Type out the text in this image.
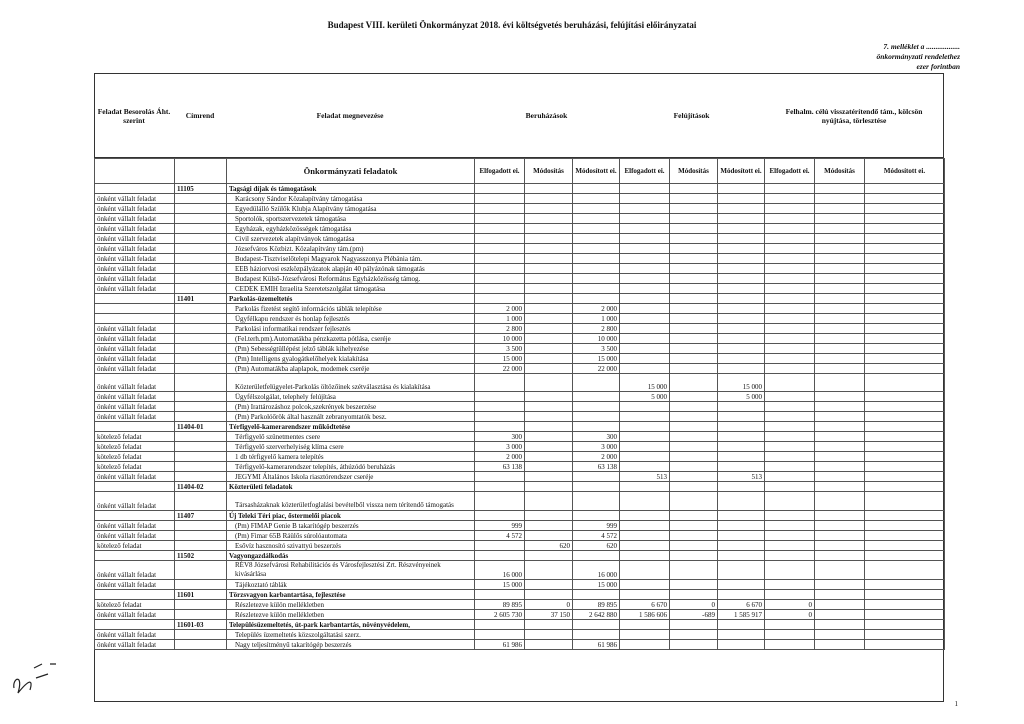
Budapest VIII. kerületi Önkormányzat 2018. évi költségvetés beruházási, felújítási előirányzatai
7. melléklet a ..................
önkormányzati rendelethez
ezer forintban
Feladat Besorolás Áht. szerint	Címrend	Feladat megnevezése	Beruházások	Felújítások	Felhalm. célú visszatérítendő tám., kölcsön nyújtása, törlesztése
		Önkormányzati feladatok	Elfogadott ei.	Módosítás	Módosított ei.	Elfogadott ei.	Módosítás	Módosított ei.	Elfogadott ei.	Módosítás	Módosított ei.
	11105	Tagsági díjak és támogatások									
önként vállalt feladat		Karácsony Sándor Közalapítvány támogatása									
önként vállalt feladat		Egyedülálló Szülők Klubja Alapítvány támogatása									
önként vállalt feladat		Sportolók, sportszervezetek támogatása									
önként vállalt feladat		Egyházak, egyházközösségek támogatása									
önként vállalt feladat		Civil szervezetek alapítványok támogatása									
önként vállalt feladat		Józsefváros Közbizt. Közalapítvány tám.(pm)									
önként vállalt feladat		Budapest-Tisztviselőtelepi Magyarok Nagyasszonya Plébánia tám.									
önként vállalt feladat		EEB háziorvosi eszközpályázatok alapján 40 pályázónak támogatás									
önként vállalt feladat		Budapest Külső-Józsefvárosi Református Egyházközösség támog.									
önként vállalt feladat		CEDEK EMIH Izraelita Szeretetszolgálat támogatása									
	11401	Parkolás-üzemeltetés									
		Parkolás fizetést segítő információs táblák telepítése	2 000		2 000						
		Ügyfélkapu rendszer és honlap fejlesztés	1 000		1 000						
önként vállalt feladat		Parkolási informatikai rendszer fejlesztés	2 800		2 800						
önként vállalt feladat		(Fel.terh.pm).Automatákba pénzkazetta pótlása, cseréje	10 000		10 000						
önként vállalt feladat		(Pm) Sebességtüllépést jelző táblák kihelyezése	3 500		3 500						
önként vállalt feladat		(Pm) Intelligens gyalogátkelőhelyek kialakítása	15 000		15 000						
önként vállalt feladat		(Pm) Automatákba alaplapok, modemek cseréje	22 000		22 000						
önként vállalt feladat		Közterületfelügyelet-Parkolás öltözőinek szétválasztása és kialakítása				15 000		15 000			
önként vállalt feladat		Ügyfélszolgálat, telephely felújítása				5 000		5 000			
önként vállalt feladat		(Pm) Irattározáshoz polcok,szekrények beszerzése									
önként vállalt feladat		(Pm) Parkolóőrök által használt zebranyomtatók besz.									
	11404-01	Térfigyelő-kamerarendszer működtetése									
kötelező feladat		Térfigyelő szünetmentes csere	300		300						
kötelező feladat		Térfigyelő szerverhelyiség klíma csere	3 000		3 000						
kötelező feladat		1 db térfigyelő kamera telepítés	2 000		2 000						
kötelező feladat		Térfigyelő-kamerarendszer telepítés, áthúzódó beruházás	63 138		63 138						
önként vállalt feladat		JEGYMI Általános Iskola riasztórendszer cseréje				513		513			
	11404-02	Közterületi feladatok									
önként vállalt feladat		Társasházaknak közterületfoglalási bevételből vissza nem térítendő támogatás									
	11407	Új Teleki Téri piac, őstermelői piacok									
önként vállalt feladat		(Pm) FIMAP Genie B takarítógép beszerzés	999		999						
önként vállalt feladat		(Pm) Fimar 65B Ráülős súrolóautomata	4 572		4 572						
kötelező feladat		Esővíz hasznosító szivattyú beszerzés		620	620						
	11502	Vagyongazdálkodás									
önként vállalt feladat		RÉV8 Józsefvárosi Rehabilitációs és Városfejlesztési Zrt. Részvényeinek kivásárlása	16 000		16 000						
önként vállalt feladat		Tájékoztató táblák	15 000		15 000						
	11601	Törzsvagyon karbantartása, fejlesztése									
kötelező feladat		Részletezve külön mellékletben	89 895	0	89 895	6 670	0	6 670	0		
önként vállalt feladat		Részletezve külön mellékletben	2 605 730	37 150	2 642 880	1 586 606	-689	1 585 917	0		
	11601-03	Településüzemeltetés, út-park karbantartás, növényvédelem,									
önként vállalt feladat		Település üzemeltetés közszolgáltatási szerz.									
önként vállalt feladat		Nagy teljesítményű takarítógép beszerzés	61 986		61 986						
1
